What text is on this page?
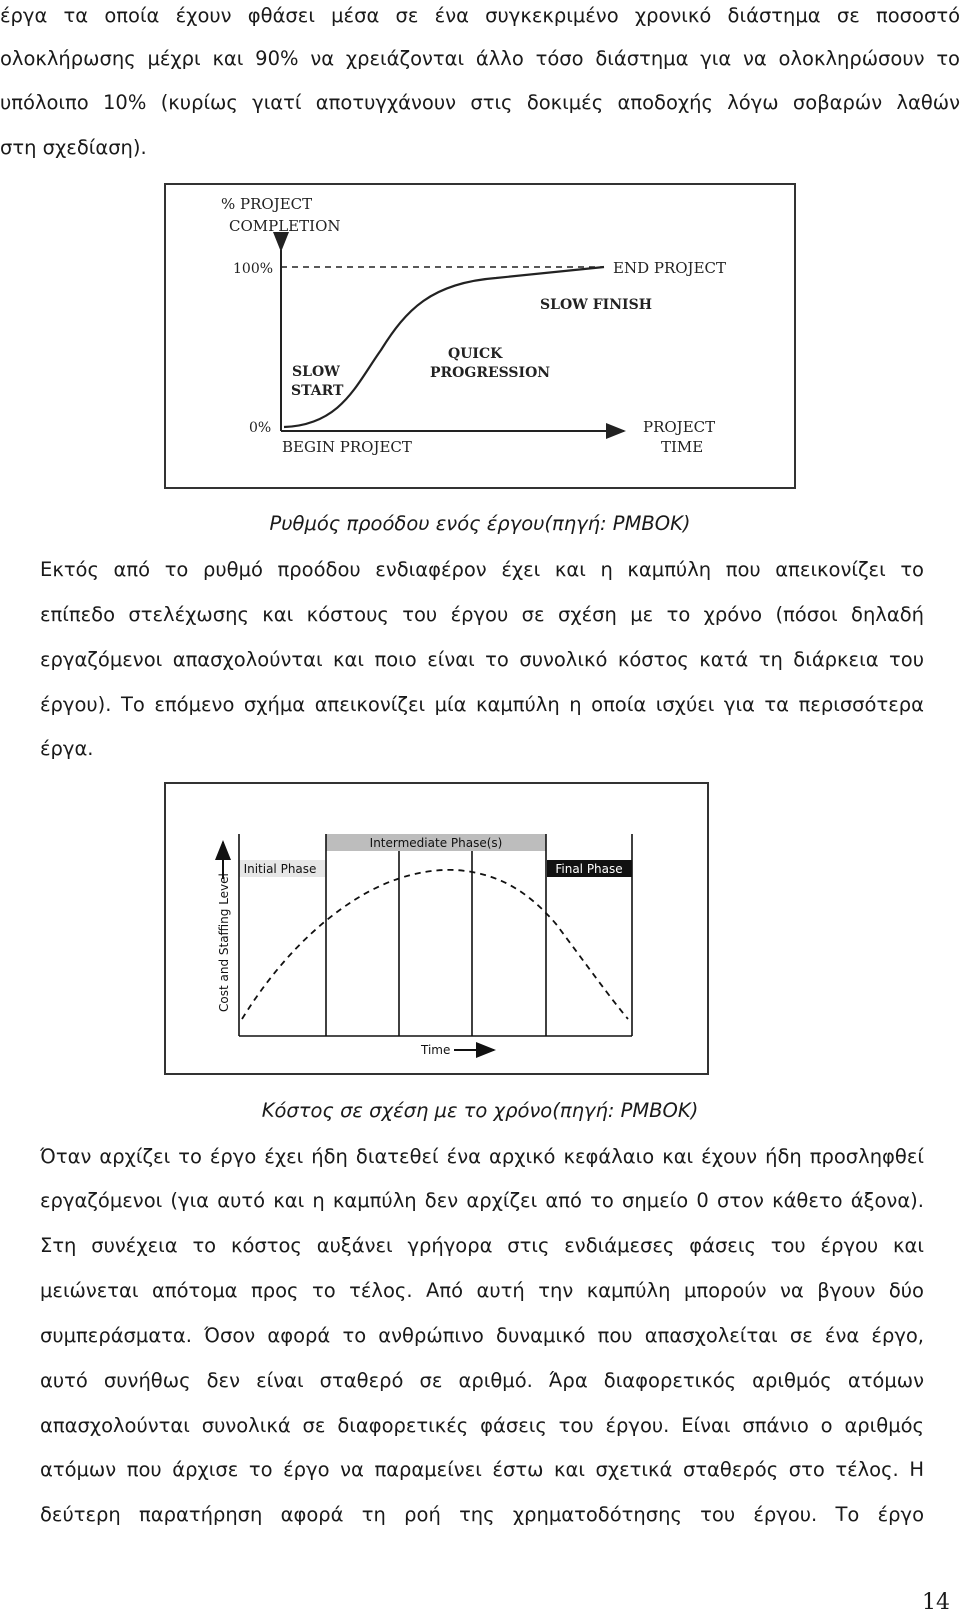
έργα τα οποία έχουν φθάσει μέσα σε ένα συγκεκριμένο χρονικό διάστημα σε ποσοστό
ολοκλήρωσης μέχρι και 90% να χρειάζονται άλλο τόσο διάστημα για να ολοκληρώσουν το
υπόλοιπο 10% (κυρίως γιατί αποτυγχάνουν στις δοκιμές αποδοχής λόγω σοβαρών λαθών
στη σχεδίαση).
% PROJECT
COMPLETION
100%
0%
END PROJECT
SLOW FINISH
QUICK
PROGRESSION
SLOW
START
BEGIN PROJECT
PROJECT
TIME
Ρυθμός προόδου ενός έργου(πηγή: PMBOK)
Εκτός από το ρυθμό προόδου ενδιαφέρον έχει και η καμπύλη που απεικονίζει το
επίπεδο στελέχωσης και κόστους του έργου σε σχέση με το χρόνο (πόσοι δηλαδή
εργαζόμενοι απασχολούνται και ποιο είναι το συνολικό κόστος κατά τη διάρκεια του
έργου). Το επόμενο σχήμα απεικονίζει μία καμπύλη η οποία ισχύει για τα περισσότερα
έργα.
Intermediate Phase(s)
Initial Phase	Final Phase
Cost and Staffing Level
Time
Κόστος σε σχέση με το χρόνο(πηγή: PMBOK)
Όταν αρχίζει το έργο έχει ήδη διατεθεί ένα αρχικό κεφάλαιο και έχουν ήδη προσληφθεί
εργαζόμενοι (για αυτό και η καμπύλη δεν αρχίζει από το σημείο 0 στον κάθετο άξονα).
Στη συνέχεια το κόστος αυξάνει γρήγορα στις ενδιάμεσες φάσεις του έργου και
μειώνεται απότομα προς το τέλος. Από αυτή την καμπύλη μπορούν να βγουν δύο
συμπεράσματα. Όσον αφορά το ανθρώπινο δυναμικό που απασχολείται σε ένα έργο,
αυτό συνήθως δεν είναι σταθερό σε αριθμό. Άρα διαφορετικός αριθμός ατόμων
απασχολούνται συνολικά σε διαφορετικές φάσεις του έργου. Είναι σπάνιο ο αριθμός
ατόμων που άρχισε το έργο να παραμείνει έστω και σχετικά σταθερός στο τέλος. Η
δεύτερη παρατήρηση αφορά τη ροή της χρηματοδότησης του έργου. Το έργο
14
